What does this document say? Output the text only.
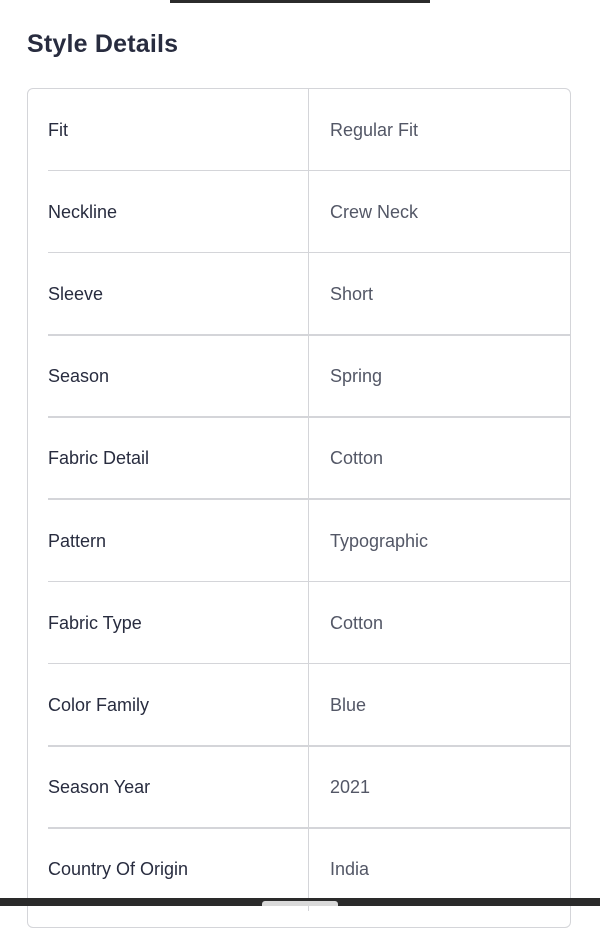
Style Details
Fit	Regular Fit
Neckline	Crew Neck
Sleeve	Short
Season	Spring
Fabric Detail	Cotton
Pattern	Typographic
Fabric Type	Cotton
Color Family	Blue
Season Year	2021
Country Of Origin	India
